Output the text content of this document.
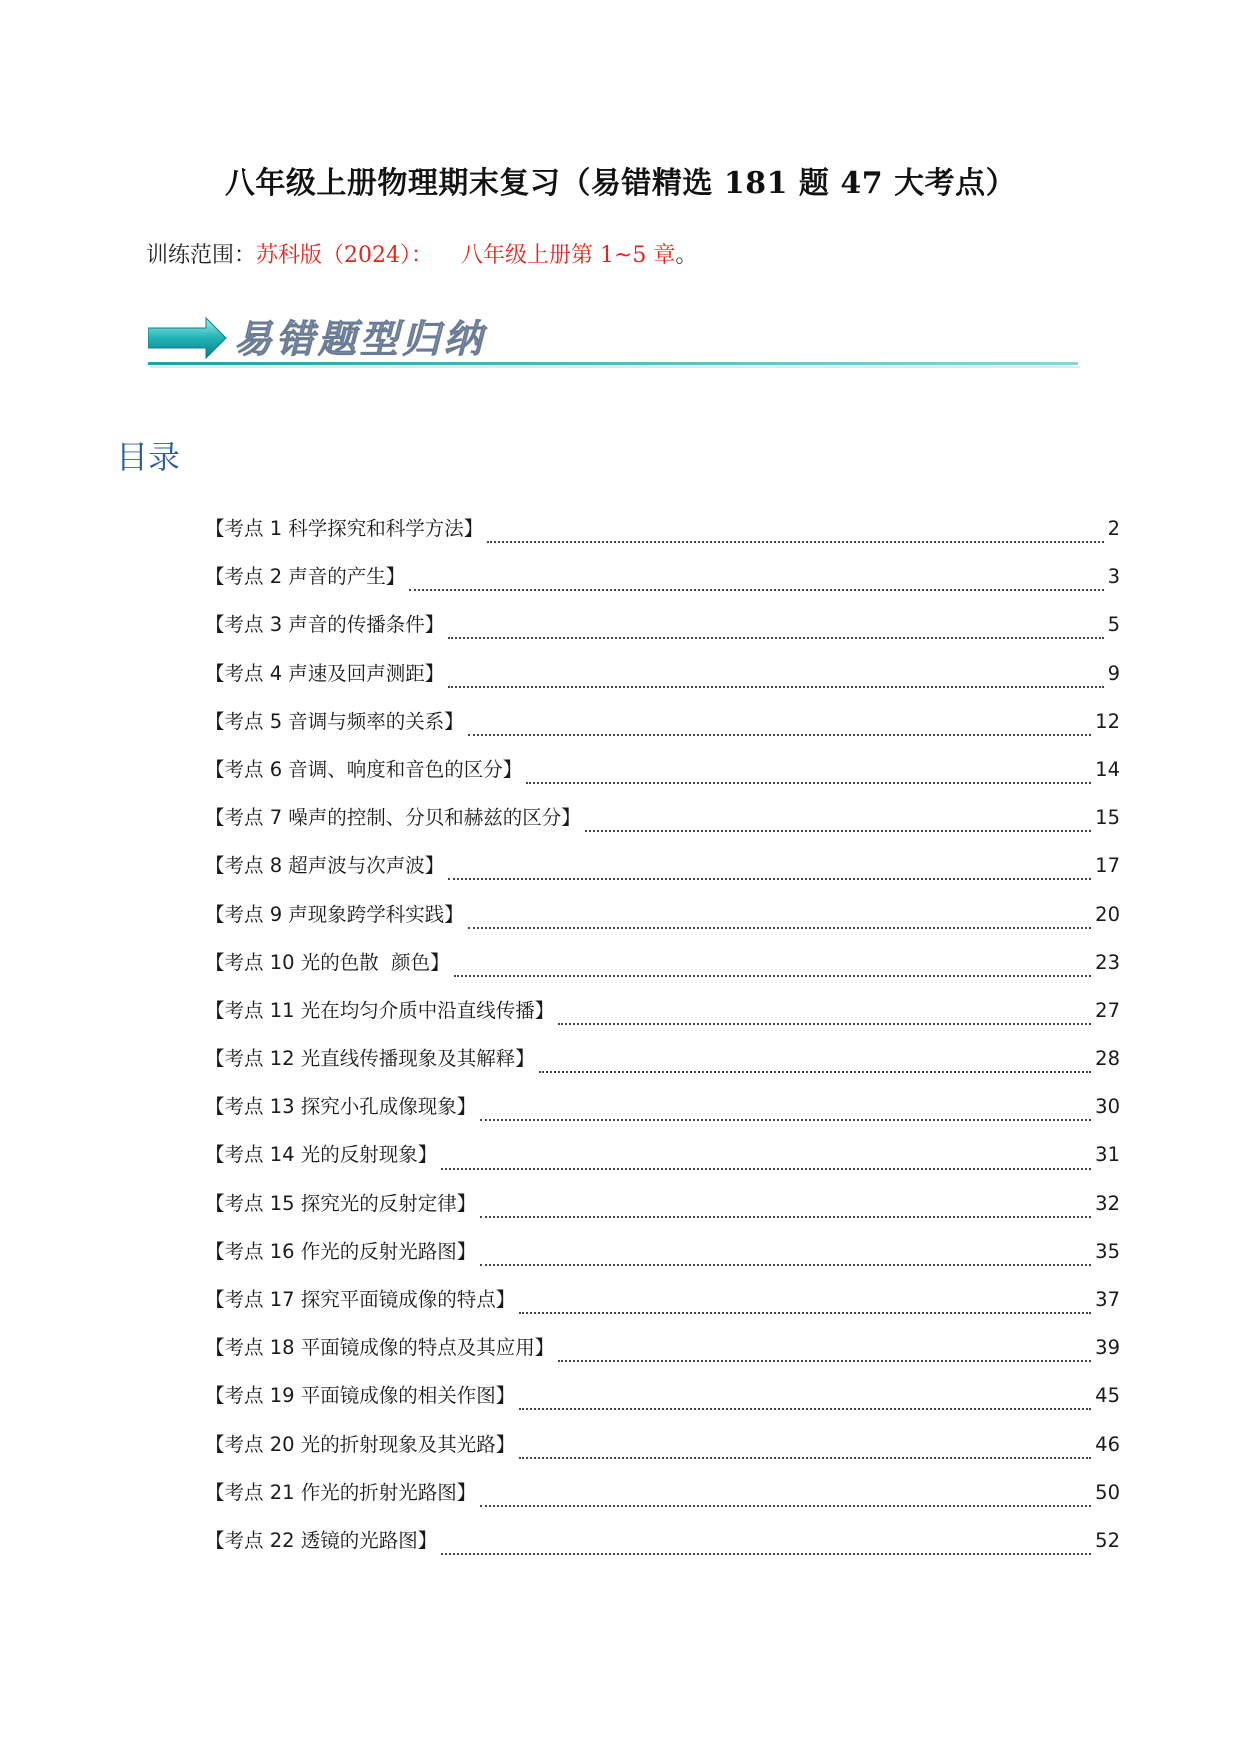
八年级上册物理期末复习（易错精选 181 题 47 大考点）
训练范围：苏科版（2024）：    八年级上册第 1~5 章。
易错题型归纳
目录
【考点 1 科学探究和科学方法】	2
【考点 2 声音的产生】	3
【考点 3 声音的传播条件】	5
【考点 4 声速及回声测距】	9
【考点 5 音调与频率的关系】	12
【考点 6 音调、响度和音色的区分】	14
【考点 7 噪声的控制、分贝和赫兹的区分】	15
【考点 8 超声波与次声波】	17
【考点 9 声现象跨学科实践】	20
【考点 10 光的色散  颜色】	23
【考点 11 光在均匀介质中沿直线传播】	27
【考点 12 光直线传播现象及其解释】	28
【考点 13 探究小孔成像现象】	30
【考点 14 光的反射现象】	31
【考点 15 探究光的反射定律】	32
【考点 16 作光的反射光路图】	35
【考点 17 探究平面镜成像的特点】	37
【考点 18 平面镜成像的特点及其应用】	39
【考点 19 平面镜成像的相关作图】	45
【考点 20 光的折射现象及其光路】	46
【考点 21 作光的折射光路图】	50
【考点 22 透镜的光路图】	52
